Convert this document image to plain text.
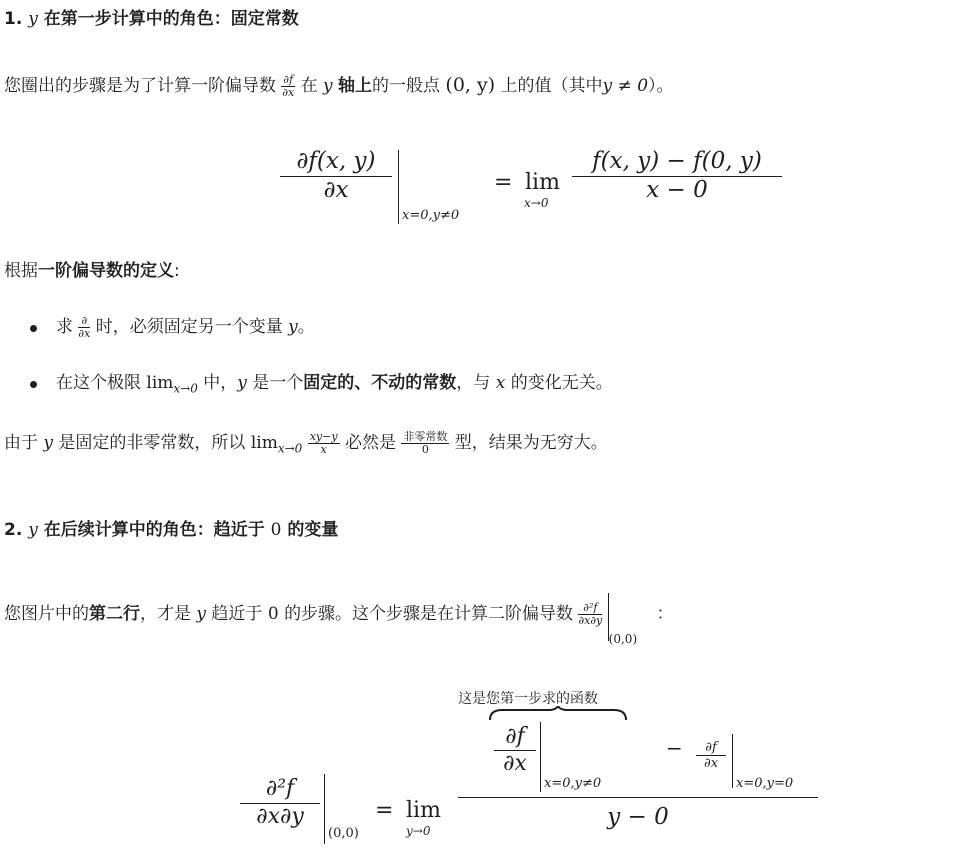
1. y 在第一步计算中的角色：固定常数
您圈出的步骤是为了计算一阶偏导数 $\frac{\partial f}{\partial x}$ 在 y 轴上的一般点 (0, y) 上的值（其中y ≠ 0）。
$\frac{\partial f(x, y)}{\partial x}$
x=0,y≠0
= lim
$x\to 0 \frac{f(x, y) - f(0, y)}{x - 0}$
根据一阶偏导数的定义:
求 $\frac{\partial}{\partial x}$ 时，必须固定另一个变量 y。
在这个极限 $\lim_{x\to 0}$ 中，y 是一个固定的、不动的常数，与 x 的变化无关。
由于 y 是固定的非零常数，所以 $\lim_{x\to 0} \frac{xy-y}{x}$ 必然是 $\frac{\text{非零常数}}{0}$ 型，结果为无穷大。
2. y 在后续计算中的角色：趋近于 0 的变量
您图片中的第二行，才是 y 趋近于 0 的步骤。这个步骤是在计算二阶偏导数 $\frac{\text{∂²f}}{\partial x\partial y}$
$_{(0,0)}$ ：
$\frac{\text{∂²f}}{\partial x\partial y}$
(0,0)
= lim
y→0
这是您第一步求的函数
$\frac{\partial f}{\partial x}$
x=0,y≠0
− $\frac{\partial f}{\partial x}$
x=0,y=0
y − 0
